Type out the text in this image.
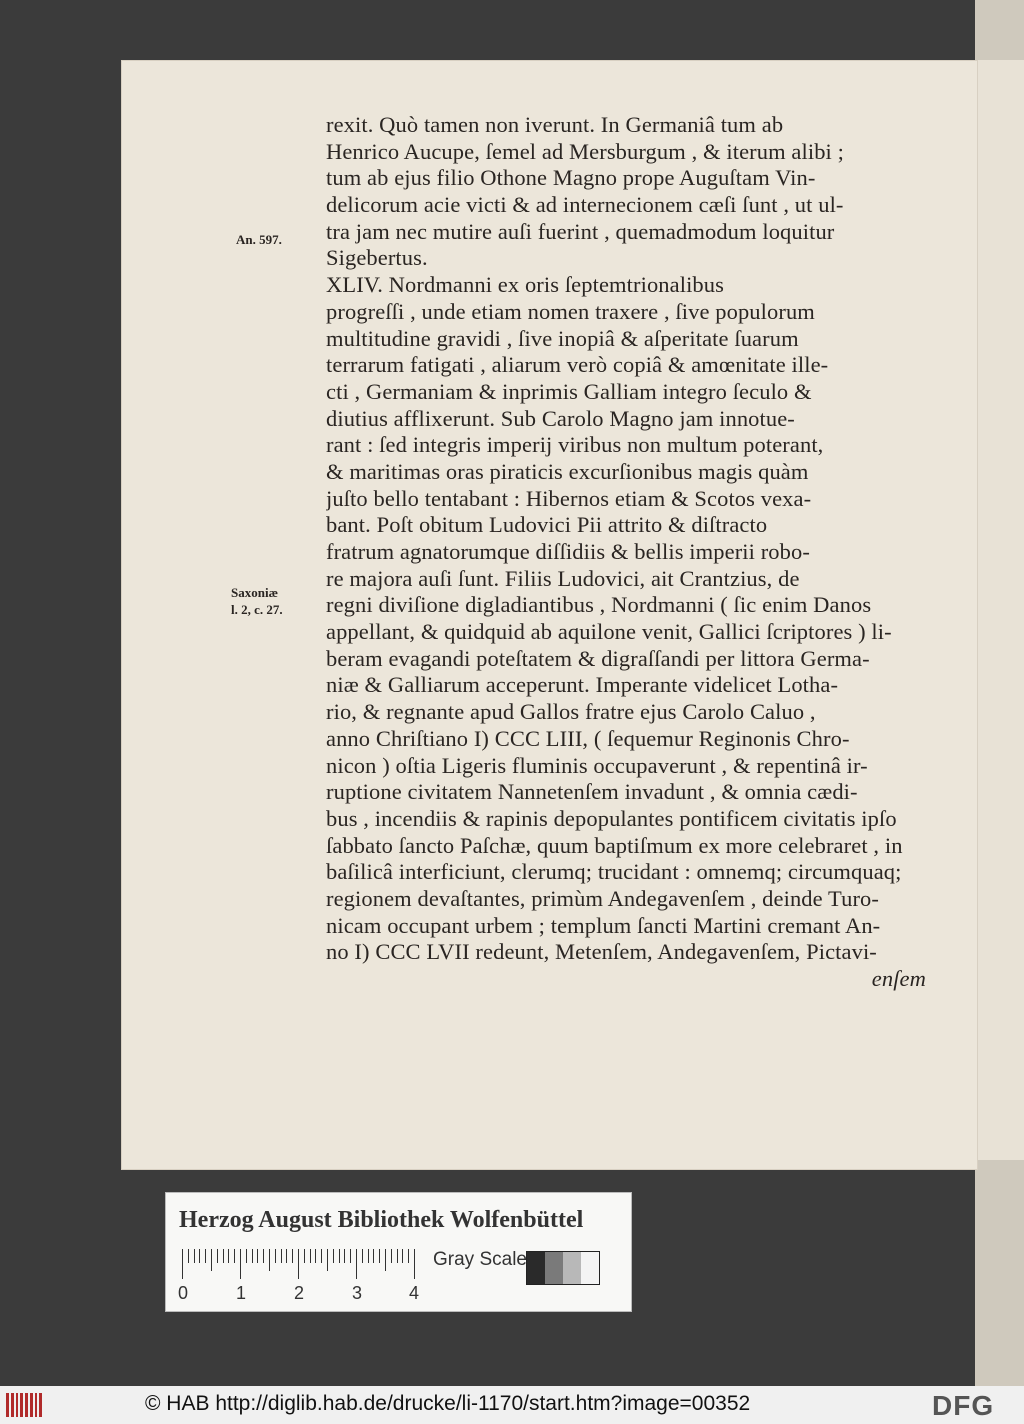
An. 597.
Saxoniæ
l. 2, c. 27.
rexit. Quò tamen non iverunt. In Germaniâ tum ab
Henrico Aucupe, ſemel ad Mersburgum , & iterum alibi ;
tum ab ejus filio Othone Magno prope Auguſtam Vin-
delicorum acie victi & ad internecionem cæſi ſunt , ut ul-
tra jam nec mutire auſi fuerint , quemadmodum loquitur
Sigebertus.
XLIV. Nordmanni ex oris ſeptemtrionalibus
progreſſi , unde etiam nomen traxere , ſive populorum
multitudine gravidi , ſive inopiâ & aſperitate ſuarum
terrarum fatigati , aliarum verò copiâ & amœnitate ille-
cti , Germaniam & inprimis Galliam integro ſeculo &
diutius afflixerunt. Sub Carolo Magno jam innotue-
rant : ſed integris imperij viribus non multum poterant,
& maritimas oras piraticis excurſionibus magis quàm
juſto bello tentabant : Hibernos etiam & Scotos vexa-
bant. Poſt obitum Ludovici Pii attrito & diſtracto
fratrum agnatorumque diſſidiis & bellis imperii robo-
re majora auſi ſunt. Filiis Ludovici, ait Crantzius, de
regni diviſione digladiantibus , Nordmanni ( ſic enim Danos
appellant, & quidquid ab aquilone venit, Gallici ſcriptores ) li-
beram evagandi poteſtatem & digraſſandi per littora Germa-
niæ & Galliarum acceperunt. Imperante videlicet Lotha-
rio, & regnante apud Gallos fratre ejus Carolo Caluo ,
anno Chriſtiano I) CCC LIII, ( ſequemur Reginonis Chro-
nicon ) oſtia Ligeris fluminis occupaverunt , & repentinâ ir-
ruptione civitatem Nannetenſem invadunt , & omnia cædi-
bus , incendiis & rapinis depopulantes pontificem civitatis ipſo
ſabbato ſancto Paſchæ, quum baptiſmum ex more celebraret , in
baſilicâ interficiunt, clerumq; trucidant : omnemq; circumquaq;
regionem devaſtantes, primùm Andegavenſem , deinde Turo-
nicam occupant urbem ; templum ſancti Martini cremant An-
no I) CCC LVII redeunt, Metenſem, Andegavenſem, Pictavi-
enſem
Herzog August Bibliothek Wolfenbüttel
0	1	2	3	4
Gray Scale
© HAB http://diglib.hab.de/drucke/li-1170/start.htm?image=00352	DFG
